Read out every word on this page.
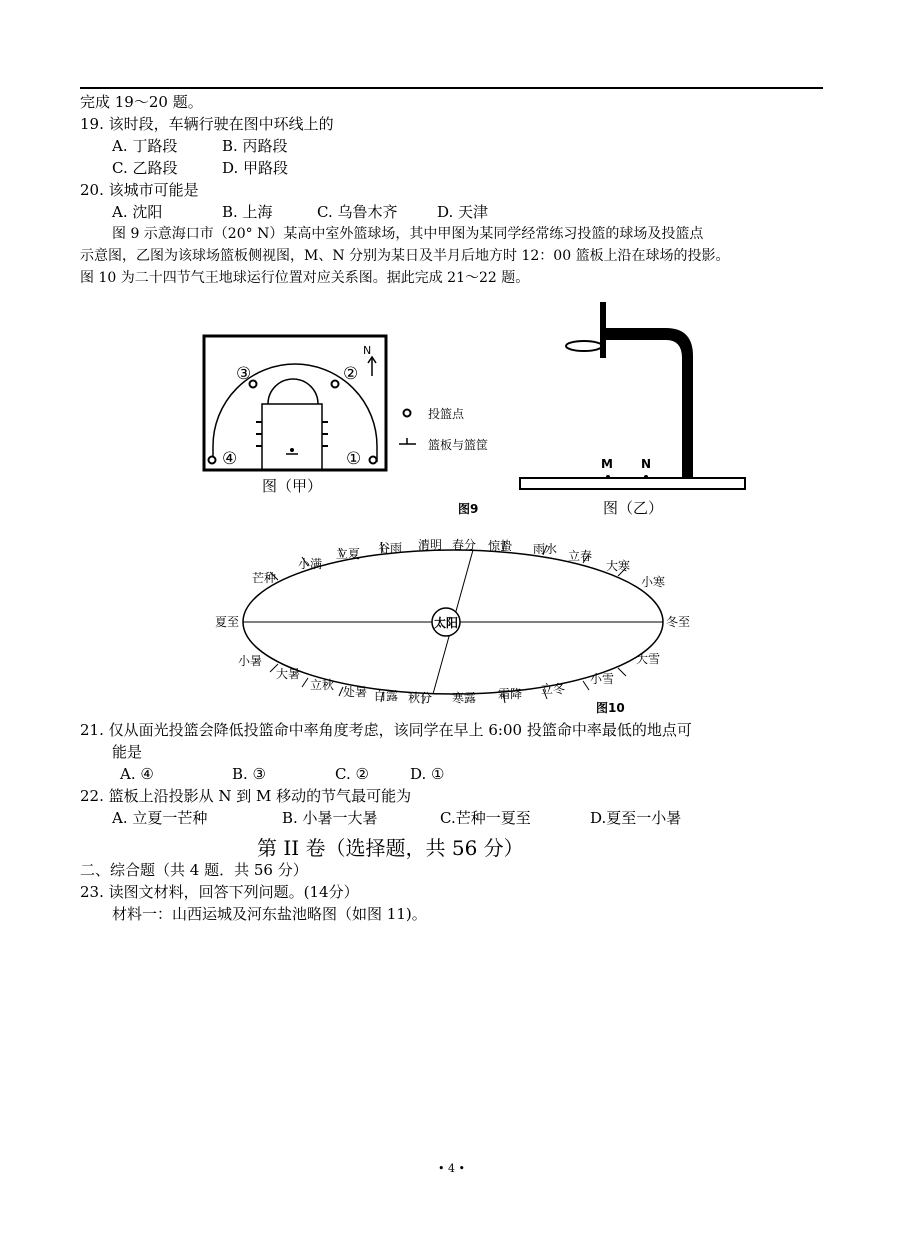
完成 19～20 题。
19. 该时段，车辆行驶在图中环线上的
A. 丁路段	B. 丙路段
C. 乙路段	D. 甲路段
20. 该城市可能是
A. 沈阳	B. 上海	C. 乌鲁木齐	D. 天津
图 9 示意海口市（20° N）某高中室外篮球场，其中甲图为某同学经常练习投篮的球场及投篮点
示意图，乙图为该球场篮板侧视图，M、N 分别为某日及半月后地方时 12：00 篮板上沿在球场的投影。
图 10 为二十四节气王地球运行位置对应关系图。据此完成 21～22 题。
③	②
④	①
N
图（甲）
投篮点
篮板与篮筐
M N
图（乙）
图9
太阳
芒种
小满
立夏 谷雨 清明 春分 惊蛰 雨水 立春
大寒
小寒
夏至	冬至
小暑
大暑
立秋 处暑 白露 秋分 寒露 霜降 立冬
小雪
大雪
图10
21. 仅从面光投篮会降低投篮命中率角度考虑，该同学在早上 6:00 投篮命中率最低的地点可
能是
A. ④	B. ③	C. ②	D. ①
22. 篮板上沿投影从 N 到 M 移动的节气最可能为
A. 立夏一芒种	B. 小暑一大暑	C.芒种一夏至	D.夏至一小暑
第 II 卷（选择题，共 56 分）
二、综合题（共 4 题．共 56 分）
23. 读图文材料，回答下列问题。(14分）
材料一：山西运城及河东盐池略图（如图 11)。
• 4 •
